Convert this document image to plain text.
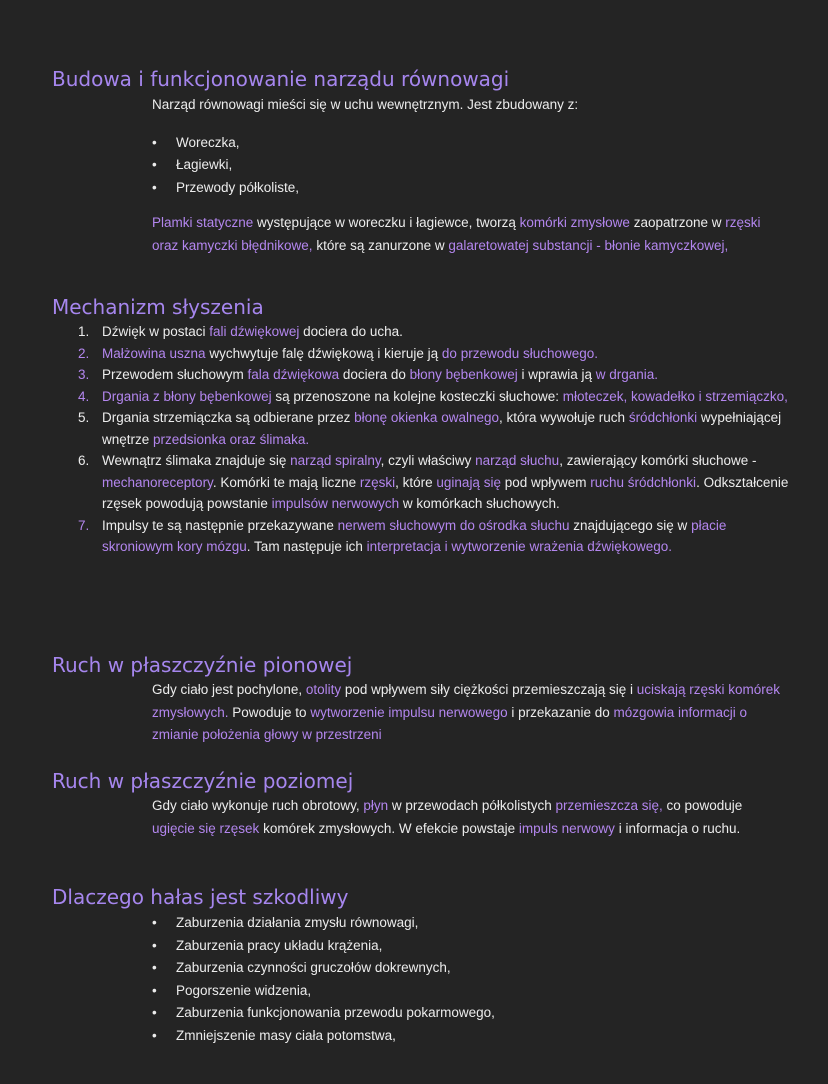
Budowa i funkcjonowanie narządu równowagi
Narząd równowagi mieści się w uchu wewnętrznym. Jest zbudowany z:
• Woreczka,
• Łagiewki,
• Przewody półkoliste,
Plamki statyczne występujące w woreczku i łagiewce, tworzą komórki zmysłowe zaopatrzone w rzęski oraz kamyczki błędnikowe, które są zanurzone w galaretowatej substancji - błonie kamyczkowej,
Mechanizm słyszenia
1. Dźwięk w postaci fali dźwiękowej dociera do ucha.
2. Małżowina uszna wychwytuje falę dźwiękową i kieruje ją do przewodu słuchowego.
3. Przewodem słuchowym fala dźwiękowa dociera do błony bębenkowej i wprawia ją w drgania.
4. Drgania z błony bębenkowej są przenoszone na kolejne kosteczki słuchowe: młoteczek, kowadełko i strzemiączko,
5. Drgania strzemiączka są odbierane przez błonę okienka owalnego, która wywołuje ruch śródchłonki wypełniającej wnętrze przedsionka oraz ślimaka.
6. Wewnątrz ślimaka znajduje się narząd spiralny, czyli właściwy narząd słuchu, zawierający komórki słuchowe - mechanoreceptory. Komórki te mają liczne rzęski, które uginają się pod wpływem ruchu śródchłonki. Odkształcenie rzęsek powodują powstanie impulsów nerwowych w komórkach słuchowych.
7. Impulsy te są następnie przekazywane nerwem słuchowym do ośrodka słuchu znajdującego się w płacie skroniowym kory mózgu. Tam następuje ich interpretacja i wytworzenie wrażenia dźwiękowego.
Ruch w płaszczyźnie pionowej
Gdy ciało jest pochylone, otolity pod wpływem siły ciężkości przemieszczają się i uciskają rzęski komórek zmysłowych. Powoduje to wytworzenie impulsu nerwowego i przekazanie do mózgowia informacji o zmianie położenia głowy w przestrzeni
Ruch w płaszczyźnie poziomej
Gdy ciało wykonuje ruch obrotowy, płyn w przewodach półkolistych przemieszcza się, co powoduje ugięcie się rzęsek komórek zmysłowych. W efekcie powstaje impuls nerwowy i informacja o ruchu.
Dlaczego hałas jest szkodliwy
• Zaburzenia działania zmysłu równowagi,
• Zaburzenia pracy układu krążenia,
• Zaburzenia czynności gruczołów dokrewnych,
• Pogorszenie widzenia,
• Zaburzenia funkcjonowania przewodu pokarmowego,
• Zmniejszenie masy ciała potomstwa,
